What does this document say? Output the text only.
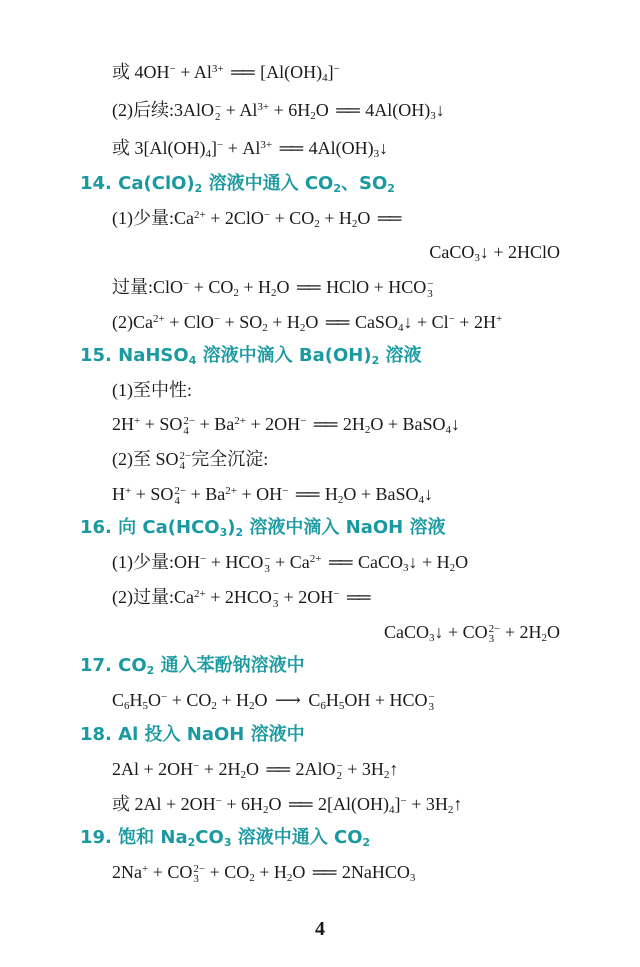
或 $4OH^- + Al^{3+}$ ══ $[Al(OH)_4]^-$
(2)后续:3AlO −
$2 + Al^{3+} + 6H_2O$ ══ $4Al(OH)_3↓$
或 $3[Al(OH)_4]^- + Al^{3+}$ ══ $4Al(OH)_3↓$
14. $Ca(ClO)_2$ 溶液中通入 $CO_2$、$SO_2$
(1)少量$:Ca^{2+} + 2ClO^- + CO_2 + H_2O$ ══
CaCO$_3$↓ + 2HClO
过量:ClO− + $CO_2 + H_2O$ ══ HClO + HCO −
3
$(2)Ca^{2+} + ClO^- + SO_2 + H_2O$ ══ CaSO$_4$↓ + Cl− + 2H+
15. NaHSO$_4$ 溶液中滴入 $Ba(OH)_2$ 溶液
(1)至中性:
2H+ + SO 2−
$4 + Ba^{2+} + 2OH^-$ ══ $2H_2O$ + BaSO$_4$↓
(2)至 SO 2−
4 完全沉淀:
H+ + SO 2−
$4 + Ba^{2+} + OH^-$ ══ $H_2O$ + BaSO$_4$↓
16. 向 $Ca(HCO_3)_2$ 溶液中滴入 NaOH 溶液
(1)少量:OH− + HCO −
$3 + Ca^{2+}$ ══ CaCO$_3$↓ + $H_2O$
(2)过量$:Ca^{2+} + 2HCO$ −
3 + 2OH− ══
CaCO$_3$↓ + CO 2−
$3 + 2H_2O$
17. $CO_2$ 通入苯酚钠溶液中
$C_6H_5O^- + CO_2 + H_2O$ ⟶ $C_6H_5OH$ + HCO −
3
18. Al 投入 NaOH 溶液中
$2Al + 2OH^- + 2H_2O$ ══ 2AlO −
$2 + 3H_2↑$
或 $2Al + 2OH^- + 6H_2O$ ══ $2[Al(OH)_4]^-$ + $3H_2↑$
19. 饱和 $Na_2CO_3$ 溶液中通入 $CO_2$
2Na+ + CO 2−
$3 + CO_2 + H_2O$ ══ 2NaHCO$_3$
4
